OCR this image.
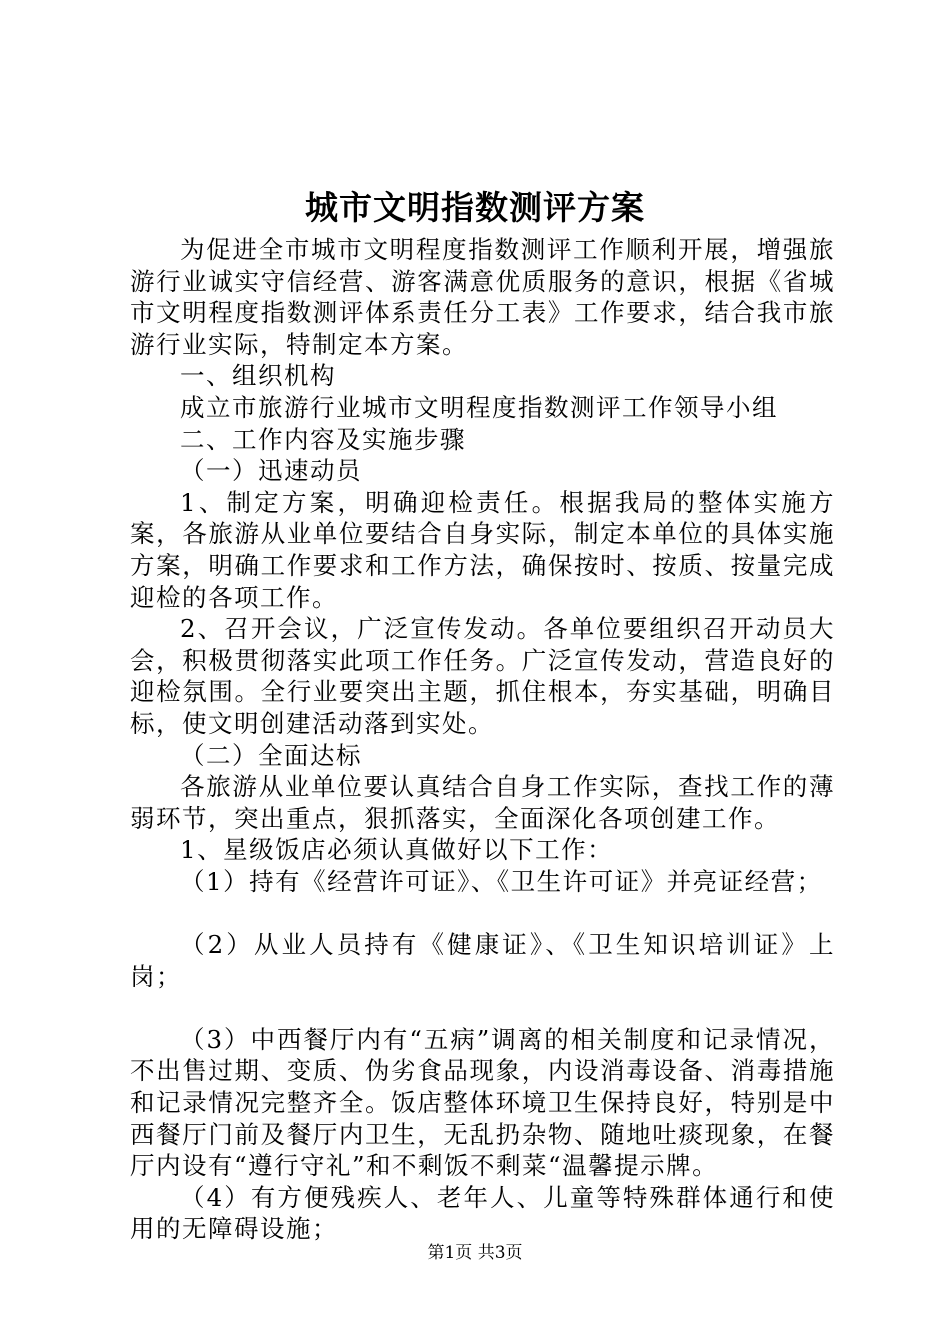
城市文明指数测评方案

为促进全市城市文明程度指数测评工作顺利开展，增强旅游行业诚实守信经营、游客满意优质服务的意识，根据《省城市文明程度指数测评体系责任分工表》工作要求，结合我市旅游行业实际，特制定本方案。

一、组织机构

成立市旅游行业城市文明程度指数测评工作领导小组

二、工作内容及实施步骤

（一）迅速动员

1、制定方案，明确迎检责任。根据我局的整体实施方案，各旅游从业单位要结合自身实际，制定本单位的具体实施方案，明确工作要求和工作方法，确保按时、按质、按量完成迎检的各项工作。

2、召开会议，广泛宣传发动。各单位要组织召开动员大会，积极贯彻落实此项工作任务。广泛宣传发动，营造良好的迎检氛围。全行业要突出主题，抓住根本，夯实基础，明确目标，使文明创建活动落到实处。

（二）全面达标

各旅游从业单位要认真结合自身工作实际，查找工作的薄弱环节，突出重点，狠抓落实，全面深化各项创建工作。

1、星级饭店必须认真做好以下工作：

（1）持有《经营许可证》、《卫生许可证》并亮证经营；

（2）从业人员持有《健康证》、《卫生知识培训证》上岗；

（3）中西餐厅内有“五病”调离的相关制度和记录情况，不出售过期、变质、伪劣食品现象，内设消毒设备、消毒措施和记录情况完整齐全。饭店整体环境卫生保持良好，特别是中西餐厅门前及餐厅内卫生，无乱扔杂物、随地吐痰现象，在餐厅内设有“遵行守礼”和不剩饭不剩菜“温馨提示牌。

（4）有方便残疾人、老年人、儿童等特殊群体通行和使用的无障碍设施；

第1页 共3页
